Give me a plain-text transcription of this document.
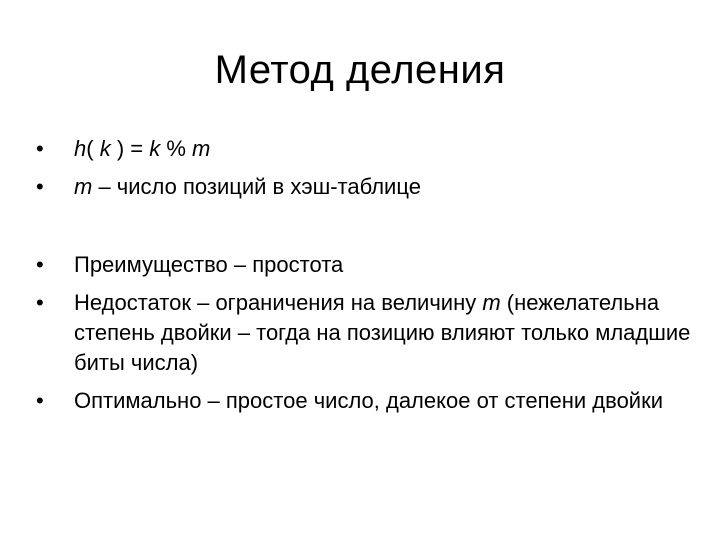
Метод деления
• h( k ) = k % m
• m – число позиций в хэш-таблице
• Преимущество – простота
• Недостаток – ограничения на величину m (нежелательна степень двойки – тогда на позицию влияют только младшие биты числа)
• Оптимально – простое число, далекое от степени двойки
